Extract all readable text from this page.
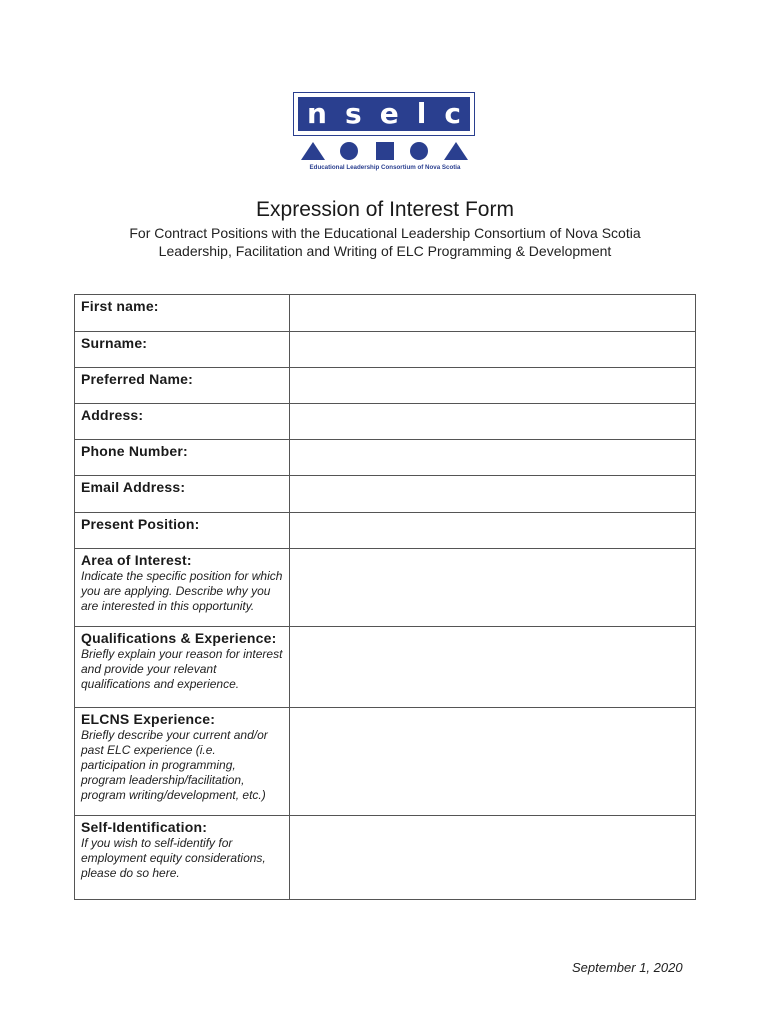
n s e l c
Educational Leadership Consortium of Nova Scotia
Expression of Interest Form
For Contract Positions with the Educational Leadership Consortium of Nova Scotia
Leadership, Facilitation and Writing of ELC Programming & Development
First name:	

Surname:	

Preferred Name:	

Address:	

Phone Number:	

Email Address:	

Present Position:	

Area of Interest:
Indicate the specific position for which you are applying. Describe why you are interested in this opportunity.	

Qualifications & Experience:
Briefly explain your reason for interest and provide your relevant qualifications and experience.	

ELCNS Experience:
Briefly describe your current and/or past ELC experience (i.e. participation in programming, program leadership/facilitation, program writing/development, etc.)	

Self-Identification:
If you wish to self-identify for employment equity considerations, please do so here.	

September 1, 2020
